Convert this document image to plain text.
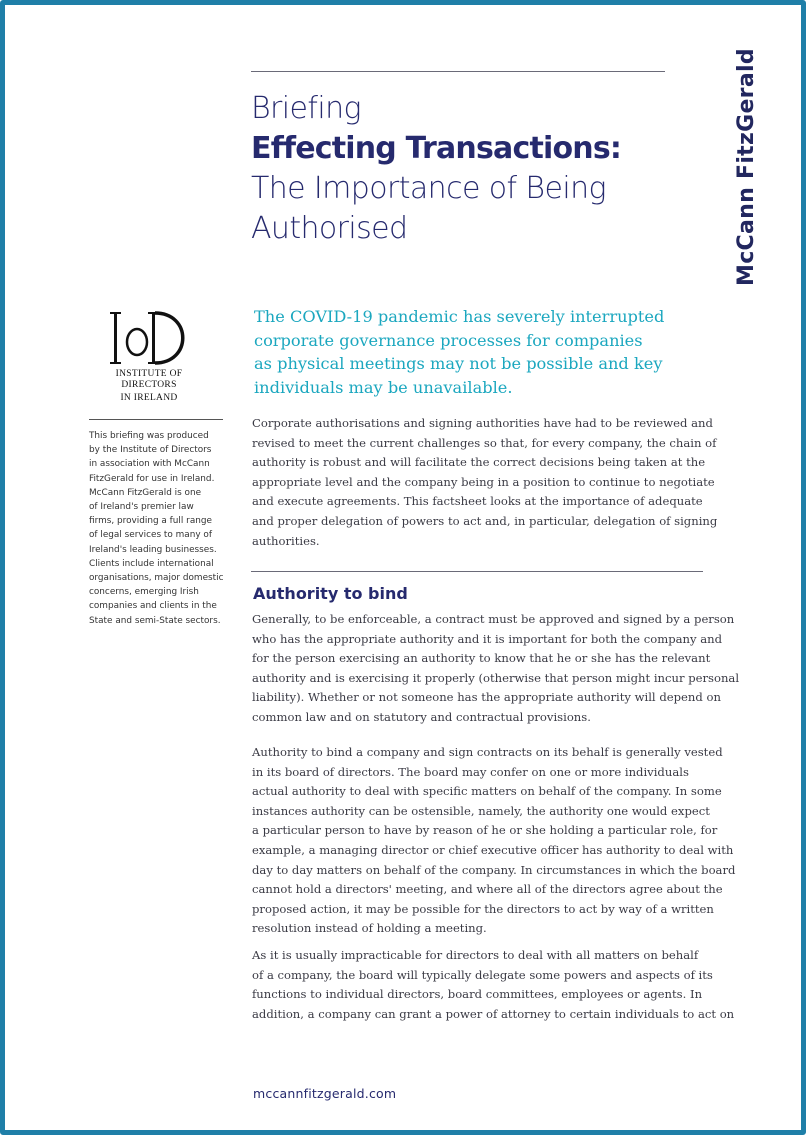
Briefing
Effecting Transactions:
The Importance of Being
Authorised	McCann FitzGerald
INSTITUTE OF DIRECTORS
IN IRELAND
This briefing was produced
by the Institute of Directors
in association with McCann
FitzGerald for use in Ireland.
McCann FitzGerald is one
of Ireland's premier law
firms, providing a full range
of legal services to many of
Ireland's leading businesses.
Clients include international
organisations, major domestic
concerns, emerging Irish
companies and clients in the
State and semi-State sectors.
The COVID-19 pandemic has severely interrupted
corporate governance processes for companies
as physical meetings may not be possible and key
individuals may be unavailable.
Corporate authorisations and signing authorities have had to be reviewed and
revised to meet the current challenges so that, for every company, the chain of
authority is robust and will facilitate the correct decisions being taken at the
appropriate level and the company being in a position to continue to negotiate
and execute agreements. This factsheet looks at the importance of adequate
and proper delegation of powers to act and, in particular, delegation of signing
authorities.
Authority to bind
Generally, to be enforceable, a contract must be approved and signed by a person
who has the appropriate authority and it is important for both the company and
for the person exercising an authority to know that he or she has the relevant
authority and is exercising it properly (otherwise that person might incur personal
liability). Whether or not someone has the appropriate authority will depend on
common law and on statutory and contractual provisions.
Authority to bind a company and sign contracts on its behalf is generally vested
in its board of directors. The board may confer on one or more individuals
actual authority to deal with specific matters on behalf of the company. In some
instances authority can be ostensible, namely, the authority one would expect
a particular person to have by reason of he or she holding a particular role, for
example, a managing director or chief executive officer has authority to deal with
day to day matters on behalf of the company. In circumstances in which the board
cannot hold a directors' meeting, and where all of the directors agree about the
proposed action, it may be possible for the directors to act by way of a written
resolution instead of holding a meeting.
As it is usually impracticable for directors to deal with all matters on behalf
of a company, the board will typically delegate some powers and aspects of its
functions to individual directors, board committees, employees or agents. In
addition, a company can grant a power of attorney to certain individuals to act on
mccannfitzgerald.com
